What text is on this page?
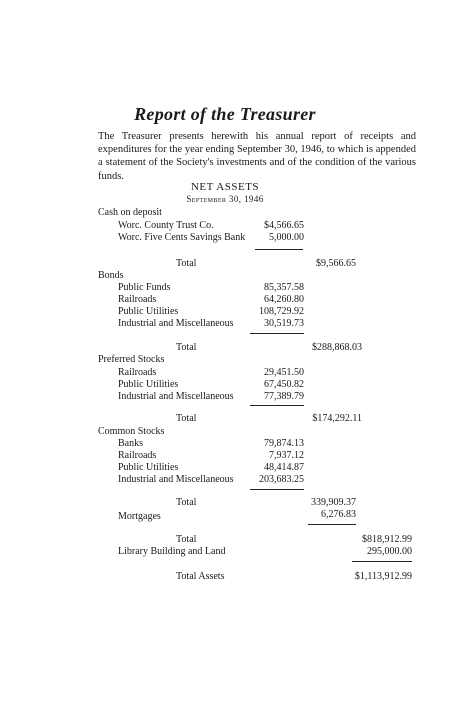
Report of the Treasurer
The Treasurer presents herewith his annual report of receipts and expenditures for the year ending September 30, 1946, to which is appended a statement of the Society's investments and of the condition of the various funds.
NET ASSETS
September 30, 1946
Cash on deposit
Worc. County Trust Co.	$4,566.65
Worc. Five Cents Savings Bank	5,000.00
Total	$9,566.65
Bonds
Public Funds	85,357.58
Railroads	64,260.80
Public Utilities	108,729.92
Industrial and Miscellaneous	30,519.73
Total	$288,868.03
Preferred Stocks
Railroads	29,451.50
Public Utilities	67,450.82
Industrial and Miscellaneous	77,389.79
Total	$174,292.11
Common Stocks
Banks	79,874.13
Railroads	7,937.12
Public Utilities	48,414.87
Industrial and Miscellaneous	203,683.25
Total	339,909.37
Mortgages	6,276.83
Total	$818,912.99
Library Building and Land	295,000.00
Total Assets	$1,113,912.99
